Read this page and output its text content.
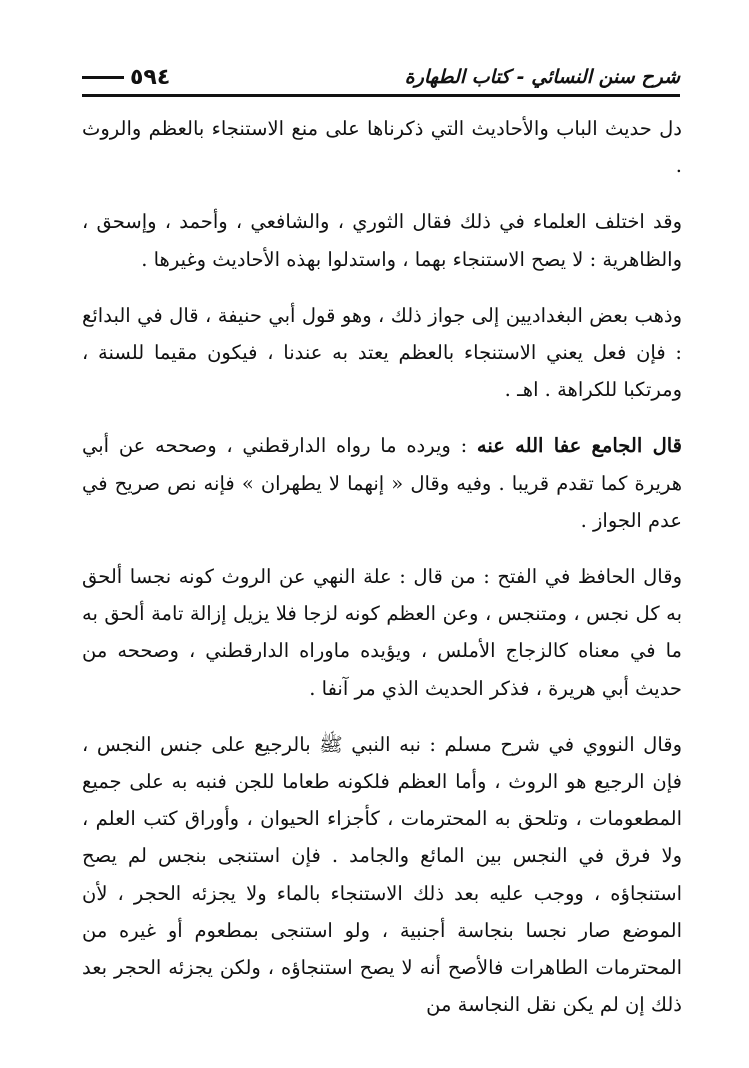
شرح سنن النسائي - كتاب الطهارة
٥٩٤

دل حديث الباب والأحاديث التي ذكرناها على منع الاستنجاء بالعظم والروث .

وقد اختلف العلماء في ذلك فقال الثوري ، والشافعي ، وأحمد ، وإسحق ، والظاهرية : لا يصح الاستنجاء بهما ، واستدلوا بهذه الأحاديث وغيرها .

وذهب بعض البغداديين إلى جواز ذلك ، وهو قول أبي حنيفة ، قال في البدائع : فإن فعل يعني الاستنجاء بالعظم يعتد به عندنا ، فيكون مقيما للسنة ، ومرتكبا للكراهة . اهـ .

قال الجامع عفا الله عنه : ويرده ما رواه الدارقطني ، وصححه عن أبي هريرة كما تقدم قريبا . وفيه وقال « إنهما لا يطهران » فإنه نص صريح في عدم الجواز .

وقال الحافظ في الفتح : من قال : علة النهي عن الروث كونه نجسا ألحق به كل نجس ، ومتنجس ، وعن العظم كونه لزجا فلا يزيل إزالة تامة ألحق به ما في معناه كالزجاج الأملس ، ويؤيده ماوراه الدارقطني ، وصححه من حديث أبي هريرة ، فذكر الحديث الذي مر آنفا .

وقال النووي في شرح مسلم : نبه النبي ﷺ بالرجيع على جنس النجس ، فإن الرجيع هو الروث ، وأما العظم فلكونه طعاما للجن فنبه به على جميع المطعومات ، وتلحق به المحترمات ، كأجزاء الحيوان ، وأوراق كتب العلم ، ولا فرق في النجس بين المائع والجامد . فإن استنجى بنجس لم يصح استنجاؤه ، ووجب عليه بعد ذلك الاستنجاء بالماء ولا يجزئه الحجر ، لأن الموضع صار نجسا بنجاسة أجنبية ، ولو استنجى بمطعوم أو غيره من المحترمات الطاهرات فالأصح أنه لا يصح استنجاؤه ، ولكن يجزئه الحجر بعد ذلك إن لم يكن نقل النجاسة من
